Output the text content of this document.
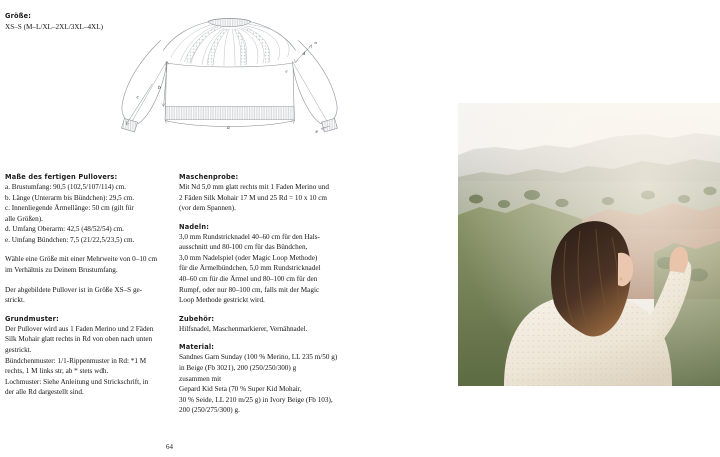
Größe:

XS–S (M–L/XL–2XL/3XL–4XL)

a
b
c
d
e
a
e

Maße des fertigen Pullovers:

a. Brustumfang: 90,5 (102,5/107/114) cm.

b. Länge (Unterarm bis Bündchen): 29,5 cm.

c. Innenliegende Ärmellänge: 50 cm (gilt für

alle Größen).

d. Umfang Oberarm: 42,5 (48/52/54) cm.

e. Umfang Bündchen: 7,5 (21/22,5/23,5) cm.

Wähle eine Größe mit einer Mehrweite von 0–10 cm

im Verhältnis zu Deinem Brustumfang.

Der abgebildete Pullover ist in Größe XS–S ge-

strickt.

Grundmuster:

Der Pullover wird aus 1 Faden Merino und 2 Fäden

Silk Mohair glatt rechts in Rd von oben nach unten

gestrickt.

Bündchenmuster: 1/1-Rippenmuster in Rd: *1 M

rechts, 1 M links str, ab * stets wdh.

Lochmuster: Siehe Anleitung und Strickschrift, in

der alle Rd dargestellt sind.

Maschenprobe:

Mit Nd 5,0 mm glatt rechts mit 1 Faden Merino und

2 Fäden Silk Mohair 17 M und 25 Rd = 10 x 10 cm

(vor dem Spannen).

Nadeln:

3,0 mm Rundstricknadel 40–60 cm für den Hals-

ausschnitt und 80-100 cm für das Bündchen,

3,0 mm Nadelspiel (oder Magic Loop Methode)

für die Ärmelbündchen, 5,0 mm Rundstricknadel

40–60 cm für die Ärmel und 80–100 cm für den

Rumpf, oder nur 80–100 cm, falls mit der Magic

Loop Methode gestrickt wird.

Zubehör:

Hilfsnadel, Maschenmarkierer, Vernähnadel.

Material:

Sandnes Garn Sunday (100 % Merino, LL 235 m/50 g)

in Beige (Fb 3021), 200 (250/250/300) g

zusammen mit

Gepard Kid Seta (70 % Super Kid Mohair,

30 % Seide, LL 210 m/25 g) in Ivory Beige (Fb 103),

200 (250/275/300) g.

64
